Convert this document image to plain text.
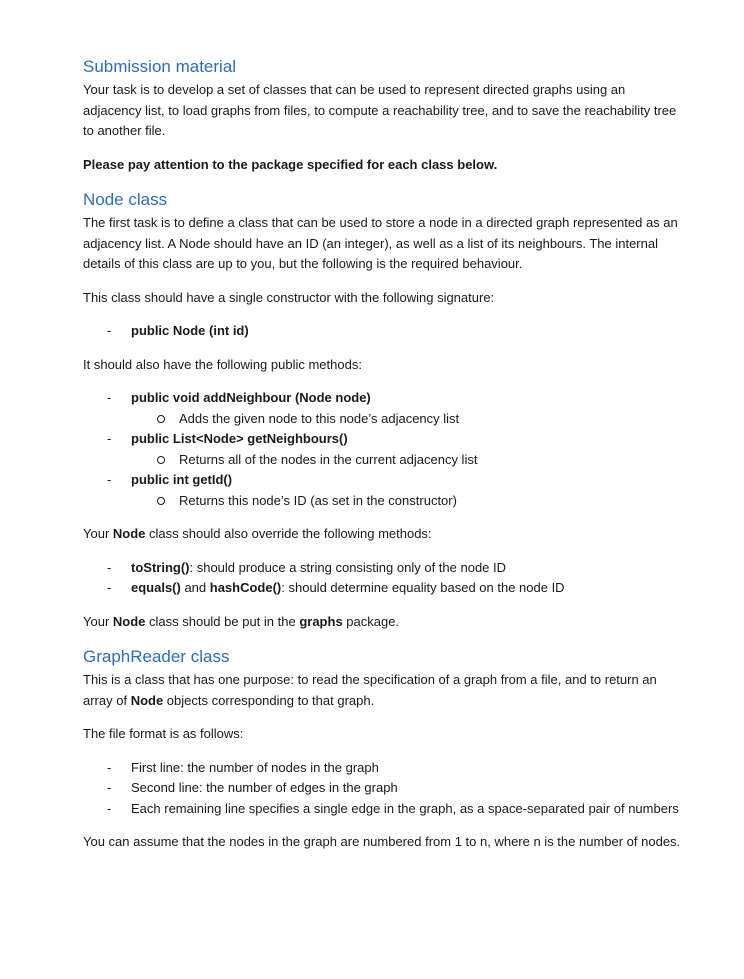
Submission material

Your task is to develop a set of classes that can be used to represent directed graphs using an adjacency list, to load graphs from files, to compute a reachability tree, and to save the reachability tree to another file.

Please pay attention to the package specified for each class below.

Node class

The first task is to define a class that can be used to store a node in a directed graph represented as an adjacency list. A Node should have an ID (an integer), as well as a list of its neighbours. The internal details of this class are up to you, but the following is the required behaviour.

This class should have a single constructor with the following signature:

- public Node (int id)

It should also have the following public methods:

- public void addNeighbour (Node node)
Adds the given node to this node’s adjacency list
- public List<Node> getNeighbours()
Returns all of the nodes in the current adjacency list
- public int getId()
Returns this node’s ID (as set in the constructor)

Your Node class should also override the following methods:

- toString(): should produce a string consisting only of the node ID
- equals() and hashCode(): should determine equality based on the node ID

Your Node class should be put in the graphs package.

GraphReader class

This is a class that has one purpose: to read the specification of a graph from a file, and to return an array of Node objects corresponding to that graph.

The file format is as follows:

- First line: the number of nodes in the graph
- Second line: the number of edges in the graph
- Each remaining line specifies a single edge in the graph, as a space-separated pair of numbers

You can assume that the nodes in the graph are numbered from 1 to n, where n is the number of nodes.
